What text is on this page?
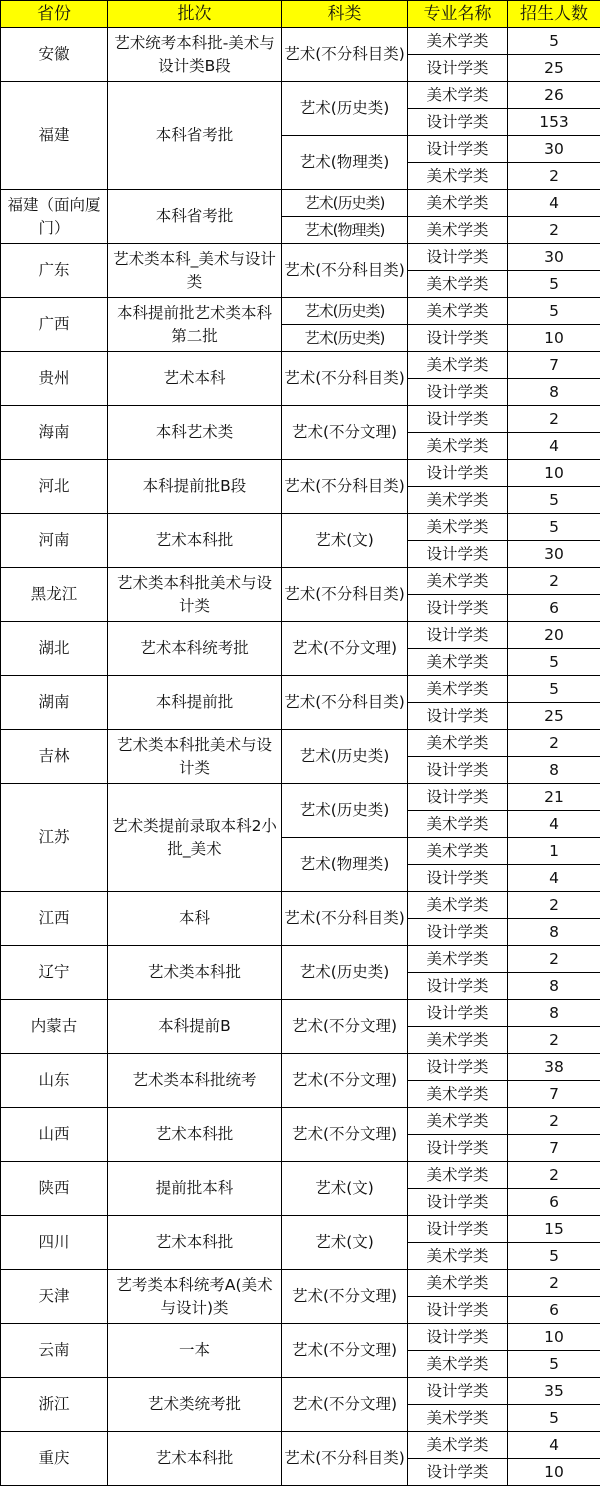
省份	批次	科类	专业名称	招生人数
安徽	艺术统考本科批-美术与设计类B段	艺术(不分科目类)	美术学类	5
			设计学类	25
福建	本科省考批	艺术(历史类)	美术学类	26
			设计学类	153
		艺术(物理类)	设计学类	30
			美术学类	2
福建（面向厦门）	本科省考批	艺术(历史类)	美术学类	4
		艺术(物理类)	美术学类	2
广东	艺术类本科_美术与设计类	艺术(不分科目类)	设计学类	30
			美术学类	5
广西	本科提前批艺术类本科第二批	艺术(历史类)	美术学类	5
		艺术(历史类)	设计学类	10
贵州	艺术本科	艺术(不分科目类)	美术学类	7
			设计学类	8
海南	本科艺术类	艺术(不分文理)	设计学类	2
			美术学类	4
河北	本科提前批B段	艺术(不分科目类)	设计学类	10
			美术学类	5
河南	艺术本科批	艺术(文)	美术学类	5
			设计学类	30
黑龙江	艺术类本科批美术与设计类	艺术(不分科目类)	美术学类	2
			设计学类	6
湖北	艺术本科统考批	艺术(不分文理)	设计学类	20
			美术学类	5
湖南	本科提前批	艺术(不分科目类)	美术学类	5
			设计学类	25
吉林	艺术类本科批美术与设计类	艺术(历史类)	美术学类	2
			设计学类	8
江苏	艺术类提前录取本科2小批_美术	艺术(历史类)	设计学类	21
			美术学类	4
		艺术(物理类)	美术学类	1
			设计学类	4
江西	本科	艺术(不分科目类)	美术学类	2
			设计学类	8
辽宁	艺术类本科批	艺术(历史类)	美术学类	2
			设计学类	8
内蒙古	本科提前B	艺术(不分文理)	设计学类	8
			美术学类	2
山东	艺术类本科批统考	艺术(不分文理)	设计学类	38
			美术学类	7
山西	艺术本科批	艺术(不分文理)	美术学类	2
			设计学类	7
陕西	提前批本科	艺术(文)	美术学类	2
			设计学类	6
四川	艺术本科批	艺术(文)	设计学类	15
			美术学类	5
天津	艺考类本科统考A(美术与设计)类	艺术(不分文理)	美术学类	2
			设计学类	6
云南	一本	艺术(不分文理)	设计学类	10
			美术学类	5
浙江	艺术类统考批	艺术(不分文理)	设计学类	35
			美术学类	5
重庆	艺术本科批	艺术(不分科目类)	美术学类	4
			设计学类	10
